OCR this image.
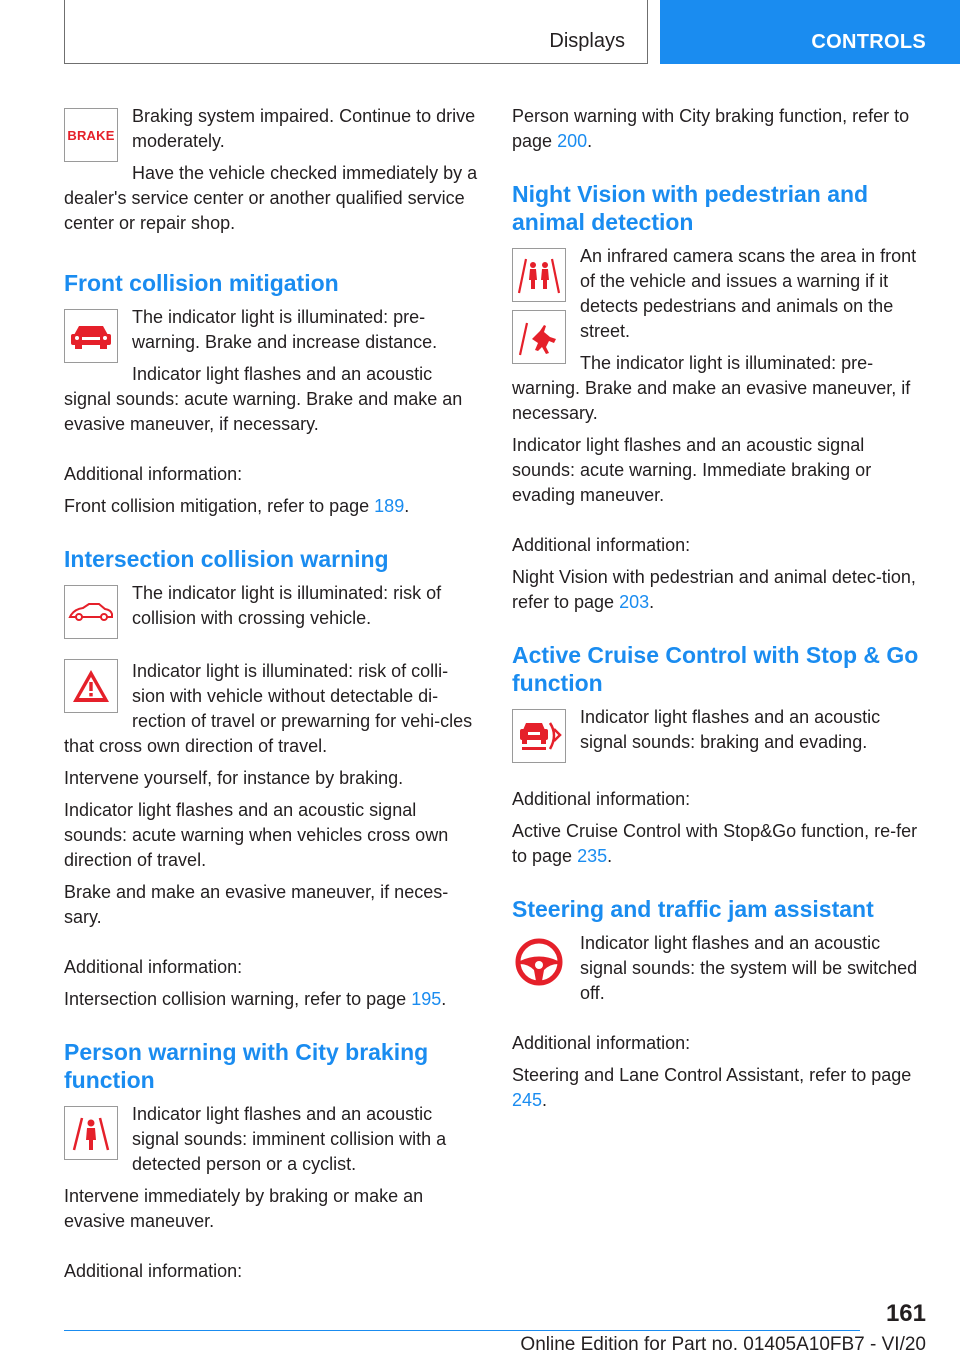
Displays	CONTROLS
BRAKE

Braking system impaired. Continue to drive moderately.

Have the vehicle checked immediately by a dealer's service center or another qualified service center or repair shop.

Front collision mitigation

The indicator light is illuminated: pre-warning. Brake and increase distance.

Indicator light flashes and an acoustic signal sounds: acute warning. Brake and make an evasive maneuver, if necessary.

Additional information:

Front collision mitigation, refer to page 189.

Intersection collision warning

The indicator light is illuminated: risk of collision with crossing vehicle.

Indicator light is illuminated: risk of colli-sion with vehicle without detectable di-rection of travel or prewarning for vehi-cles that cross own direction of travel.

Intervene yourself, for instance by braking.

Indicator light flashes and an acoustic signal sounds: acute warning when vehicles cross own direction of travel.

Brake and make an evasive maneuver, if neces-sary.

Additional information:

Intersection collision warning, refer to page 195.

Person warning with City braking function

Indicator light flashes and an acoustic signal sounds: imminent collision with a detected person or a cyclist.

Intervene immediately by braking or make an evasive maneuver.

Additional information:

Person warning with City braking function, refer to page 200.

Night Vision with pedestrian and animal detection

An infrared camera scans the area in front of the vehicle and issues a warning if it detects pedestrians and animals on the street.

The indicator light is illuminated: pre-warning. Brake and make an evasive maneuver, if necessary.

Indicator light flashes and an acoustic signal sounds: acute warning. Immediate braking or evading maneuver.

Additional information:

Night Vision with pedestrian and animal detec-tion, refer to page 203.

Active Cruise Control with Stop & Go function

Indicator light flashes and an acoustic signal sounds: braking and evading.

Additional information:

Active Cruise Control with Stop&Go function, re-fer to page 235.

Steering and traffic jam assistant

Indicator light flashes and an acoustic signal sounds: the system will be switched off.

Additional information:

Steering and Lane Control Assistant, refer to page 245.

161
Online Edition for Part no. 01405A10FB7 - VI/20
